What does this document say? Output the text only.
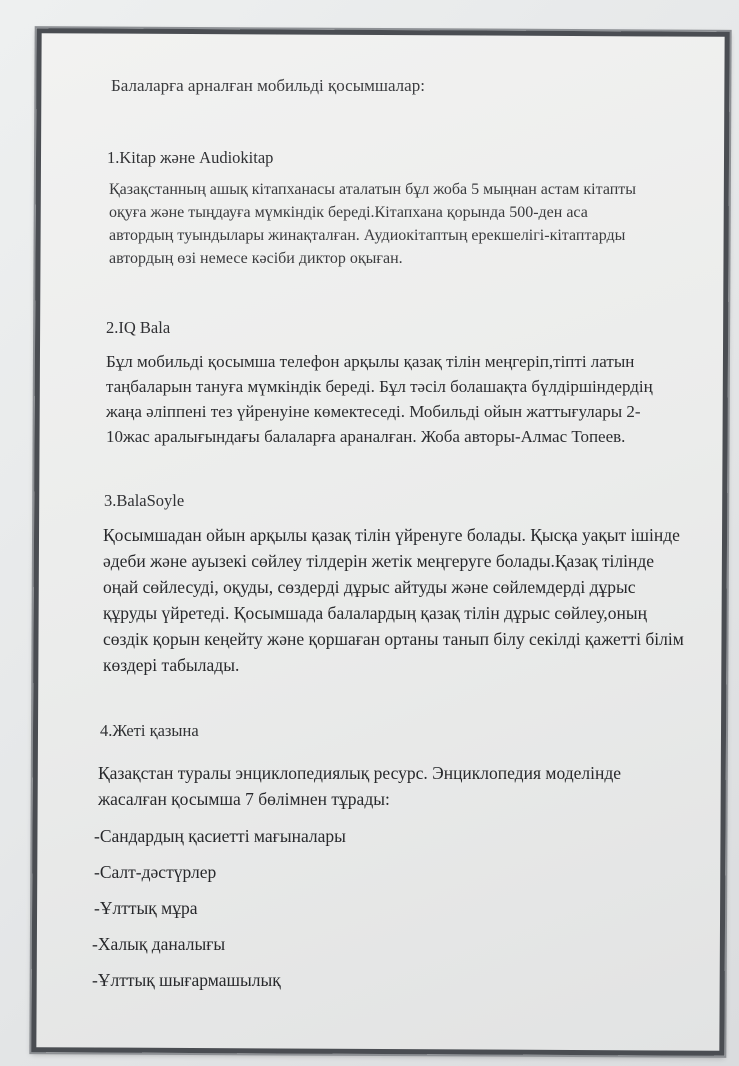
Балаларға арналған мобильді қосымшалар:
1.Kitap және Audiokitap
Қазақстанның ашық кітапханасы аталатын бұл жоба 5 мыңнан астам кітапты
оқуға және тыңдауға мүмкіндік береді.Кітапхана қорында 500-ден аса
автордың туындылары жинақталған. Аудиокітаптың ерекшелігі-кітаптарды
автордың өзі немесе кәсіби диктор оқыған.
2.IQ Bala
Бұл мобильді қосымша телефон арқылы қазақ тілін меңгеріп,тіпті латын
таңбаларын тануға мүмкіндік береді. Бұл тәсіл болашақта бүлдіршіндердің
жаңа әліппені тез үйренуіне көмектеседі. Мобильді ойын жаттығулары 2-
10жас аралығындағы балаларға араналған. Жоба авторы-Алмас Топеев.
3.BalaSoyle
Қосымшадан ойын арқылы қазақ тілін үйренуге болады. Қысқа уақыт ішінде
әдеби және ауызекі сөйлеу тілдерін жетік меңгеруге болады.Қазақ тілінде
оңай сөйлесуді, оқуды, сөздерді дұрыс айтуды және сөйлемдерді дұрыс
құруды үйретеді. Қосымшада балалардың қазақ тілін дұрыс сөйлеу,оның
сөздік қорын кеңейту және қоршаған ортаны танып білу секілді қажетті білім
көздері табылады.
4.Жеті қазына
Қазақстан туралы энциклопедиялық ресурс. Энциклопедия моделінде
жасалған қосымша 7 бөлімнен тұрады:
-Сандардың қасиетті мағыналары
-Салт-дәстүрлер
-Ұлттық мұра
-Халық даналығы
-Ұлттық шығармашылық
